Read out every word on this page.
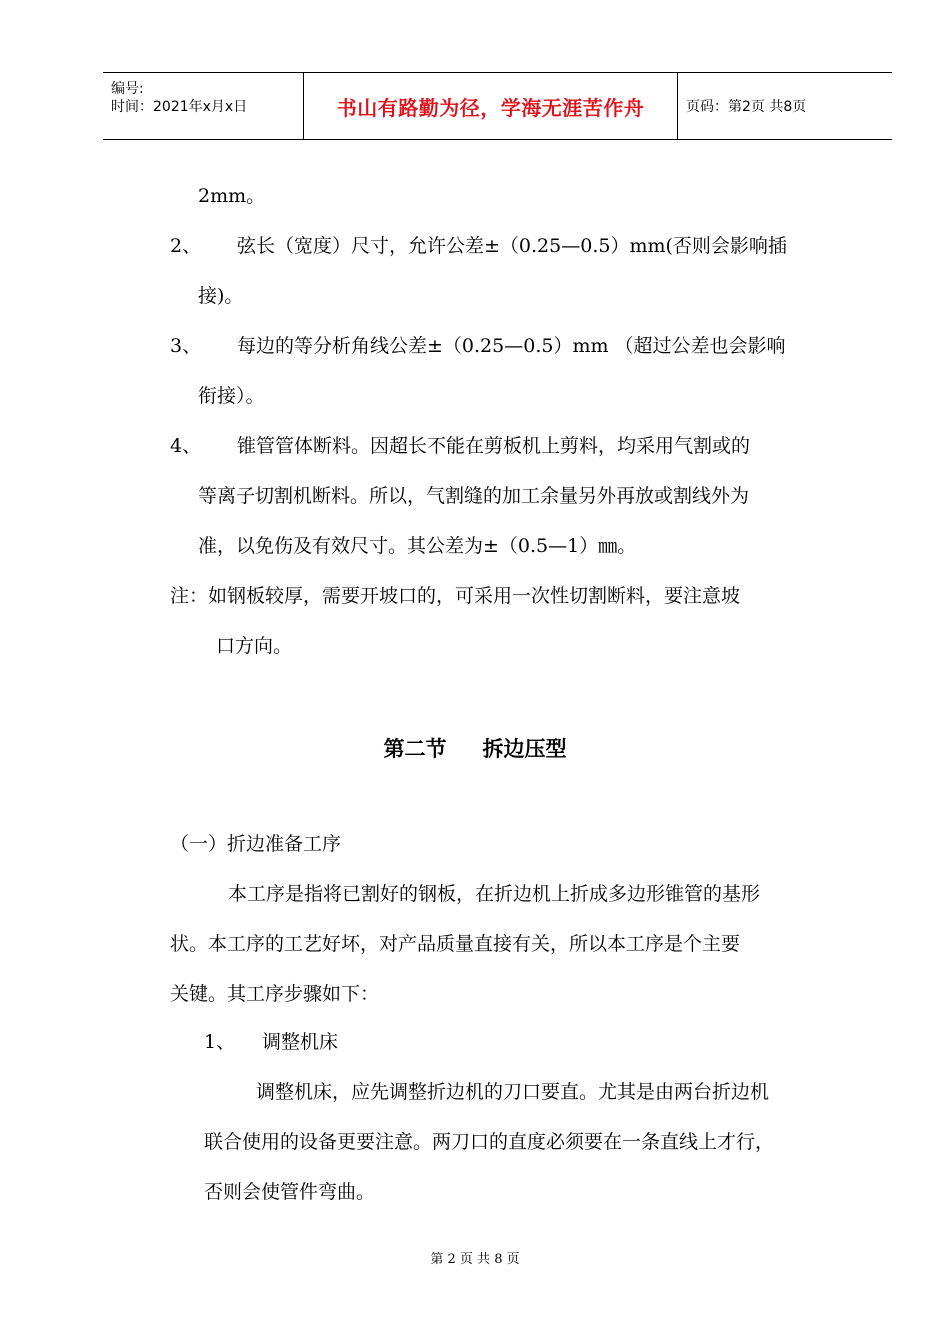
编号:
时间：2021年x月x日	书山有路勤为径，学海无涯苦作舟	页码：第2页 共8页
2mm。
2、 弦长（宽度）尺寸，允许公差±（0.25—0.5）mm(否则会影响插
接)。
3、 每边的等分析角线公差±（0.25—0.5）mm （超过公差也会影响
衔接）。
4、 锥管管体断料。因超长不能在剪板机上剪料，均采用气割或的
等离子切割机断料。所以，气割缝的加工余量另外再放或割线外为
准，以免伤及有效尺寸。其公差为±（0.5—1）㎜。
注：如钢板较厚，需要开坡口的，可采用一次性切割断料，要注意坡
口方向。
第二节 拆边压型
（一）折边准备工序
本工序是指将已割好的钢板，在折边机上折成多边形锥管的基形
状。本工序的工艺好坏，对产品质量直接有关，所以本工序是个主要
关键。其工序步骤如下：
1、 调整机床
调整机床，应先调整折边机的刀口要直。尤其是由两台折边机
联合使用的设备更要注意。两刀口的直度必须要在一条直线上才行，
否则会使管件弯曲。
第 2 页 共 8 页
